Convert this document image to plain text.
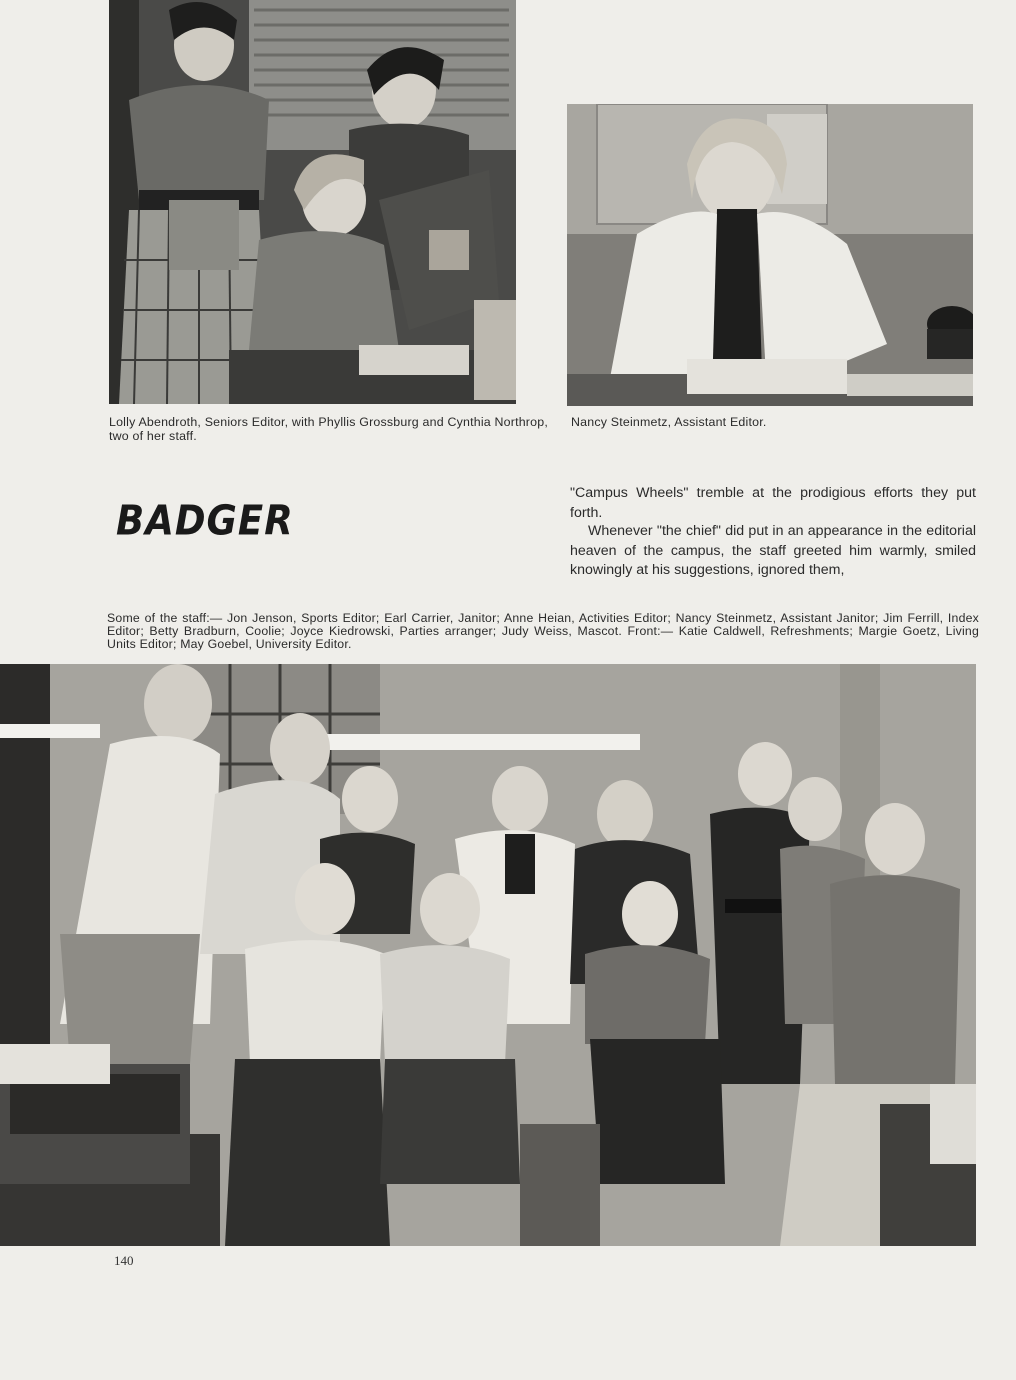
Lolly Abendroth, Seniors Editor, with Phyllis Grossburg and Cynthia Northrop, two of her staff.
Nancy Steinmetz, Assistant Editor.
BADGER
"Campus Wheels" tremble at the prodigious efforts they put forth.
Whenever "the chief" did put in an appearance in the editorial heaven of the campus, the staff greeted him warmly, smiled knowingly at his suggestions, ignored them,
Some of the staff:— Jon Jenson, Sports Editor; Earl Carrier, Janitor; Anne Heian, Activities Editor; Nancy Steinmetz, Assistant Janitor; Jim Ferrill, Index Editor; Betty Bradburn, Coolie; Joyce Kiedrowski, Parties arranger; Judy Weiss, Mascot. Front:— Katie Caldwell, Refreshments; Margie Goetz, Living Units Editor; May Goebel, University Editor.
140
